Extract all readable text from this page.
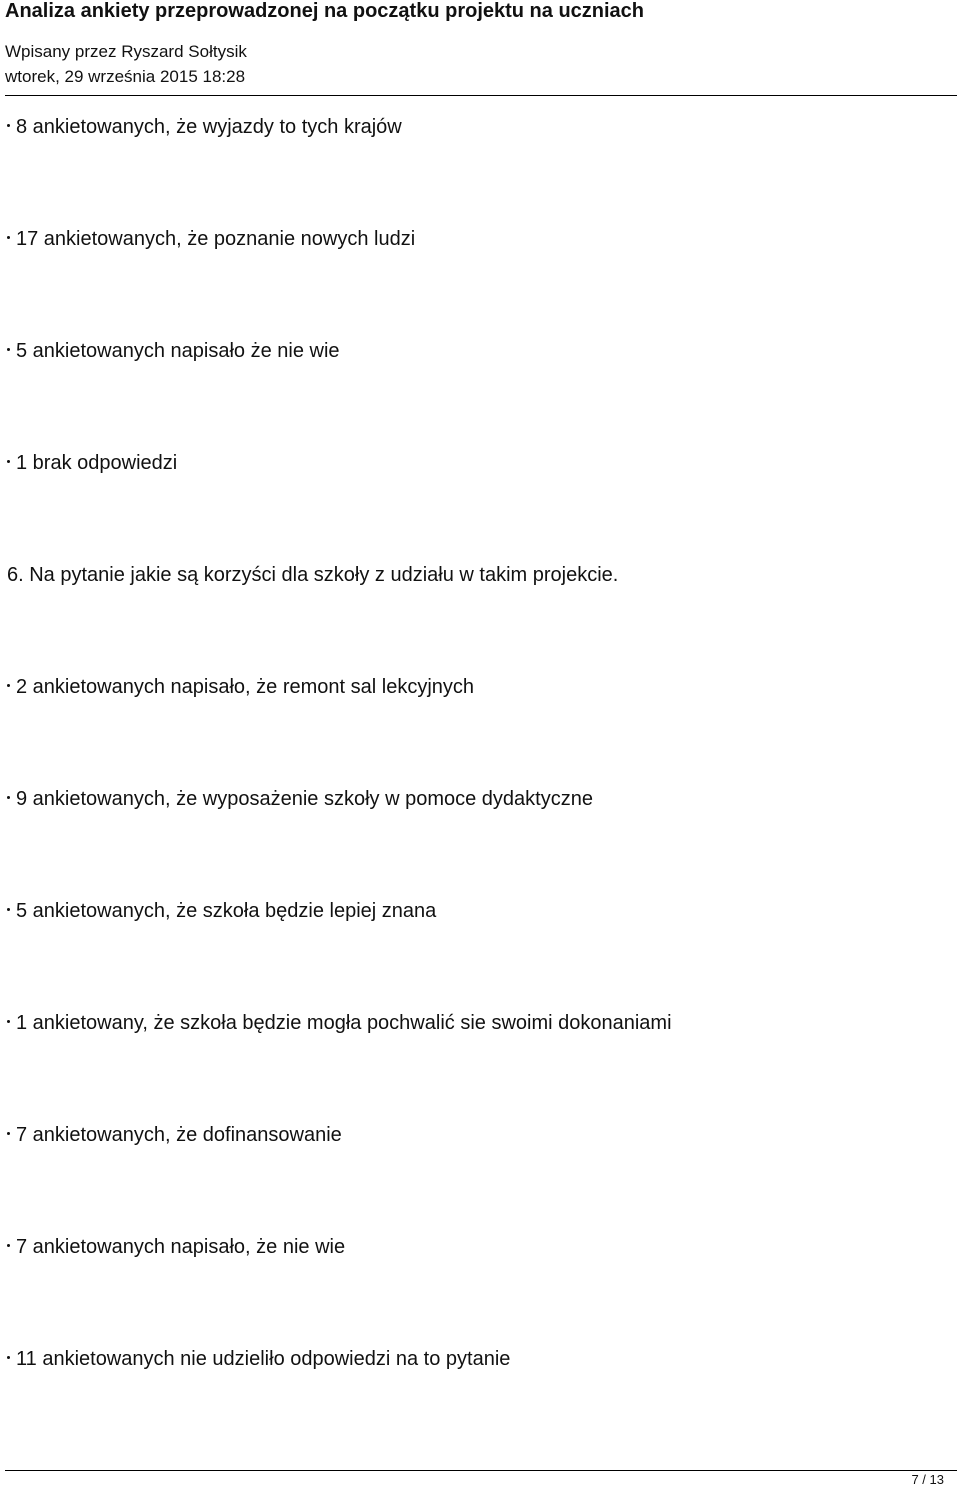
Analiza ankiety przeprowadzonej na początku projektu na uczniach
Wpisany przez Ryszard Sołtysik
wtorek, 29 września 2015 18:28
8 ankietowanych, że wyjazdy to tych krajów
17 ankietowanych, że poznanie nowych ludzi
5 ankietowanych napisało że nie wie
1 brak odpowiedzi
6. Na pytanie jakie są korzyści dla szkoły z udziału w takim projekcie.
2 ankietowanych napisało, że remont sal lekcyjnych
9 ankietowanych, że wyposażenie szkoły w pomoce dydaktyczne
5 ankietowanych, że szkoła będzie lepiej znana
1 ankietowany, że szkoła będzie mogła pochwalić sie swoimi dokonaniami
7 ankietowanych, że dofinansowanie
7 ankietowanych napisało, że nie wie
11 ankietowanych nie udzieliło odpowiedzi na to pytanie
7 / 13
